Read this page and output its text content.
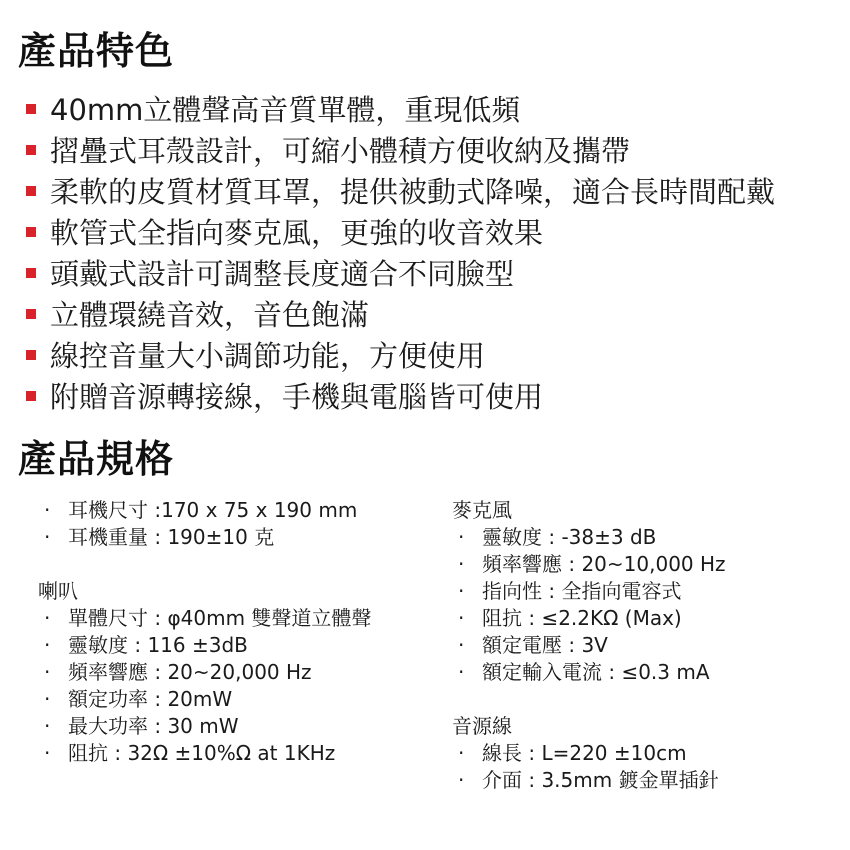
產品特色
40mm立體聲高音質單體，重現低頻
摺疊式耳殼設計，可縮小體積方便收納及攜帶
柔軟的皮質材質耳罩，提供被動式降噪，適合長時間配戴
軟管式全指向麥克風，更強的收音效果
頭戴式設計可調整長度適合不同臉型
立體環繞音效，音色飽滿
線控音量大小調節功能，方便使用
附贈音源轉接線，手機與電腦皆可使用
產品規格
‧ 耳機尺寸 :170 x 75 x 190 mm
‧ 耳機重量 : 190±10 克
喇叭
‧ 單體尺寸 : φ40mm 雙聲道立體聲
‧ 靈敏度 : 116 ±3dB
‧ 頻率響應 : 20~20,000 Hz
‧ 額定功率 : 20mW
‧ 最大功率 : 30 mW
‧ 阻抗 : 32Ω ±10%Ω at 1KHz
麥克風
‧ 靈敏度 : -38±3 dB
‧ 頻率響應 : 20~10,000 Hz
‧ 指向性 : 全指向電容式
‧ 阻抗 : ≤2.2KΩ (Max)
‧ 額定電壓 : 3V
‧ 額定輸入電流 : ≤0.3 mA
音源線
‧ 線長 : L=220 ±10cm
‧ 介面 : 3.5mm 鍍金單插針
